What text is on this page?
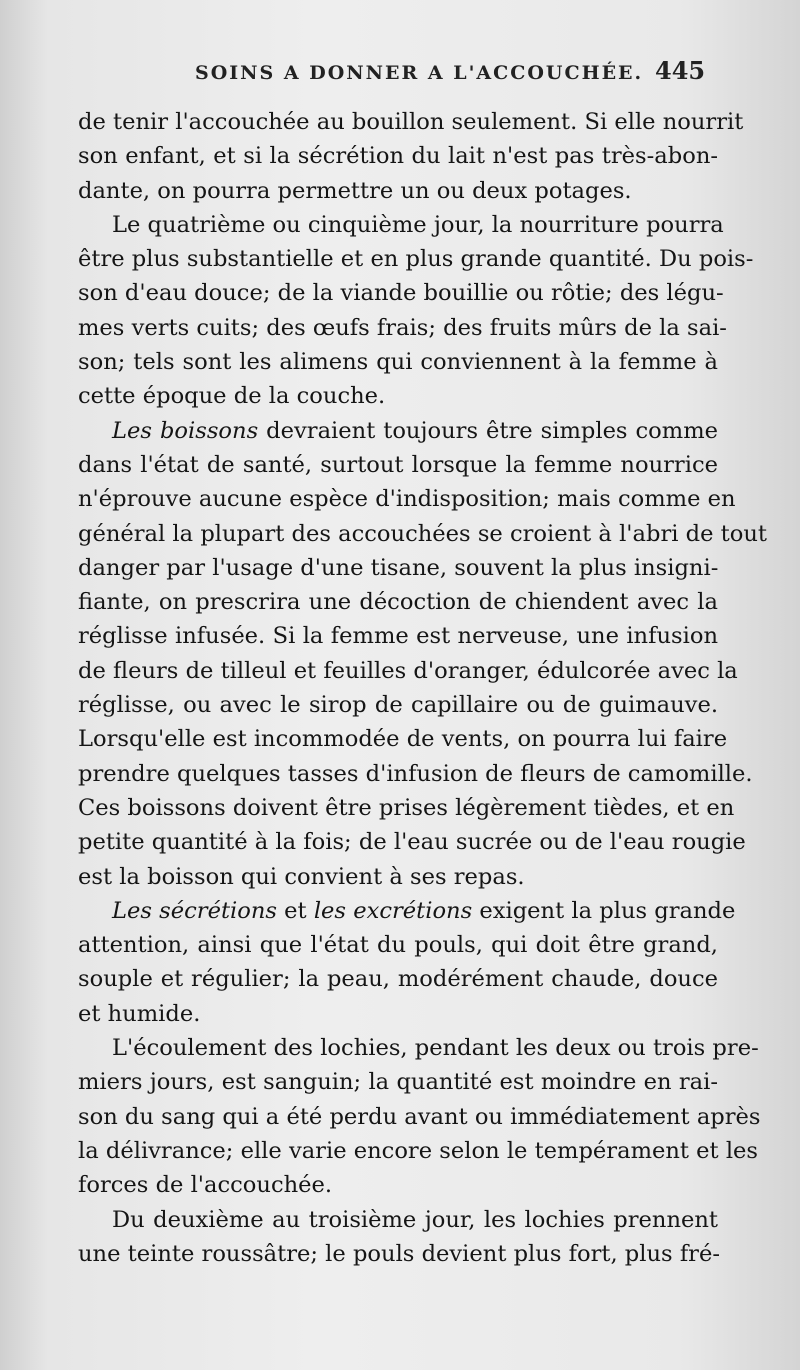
SOINS A DONNER A L'ACCOUCHÉE. 445
de tenir l'accouchée au bouillon seulement. Si elle nourrit
son enfant, et si la sécrétion du lait n'est pas très-abon-
dante, on pourra permettre un ou deux potages.
Le quatrième ou cinquième jour, la nourriture pourra
être plus substantielle et en plus grande quantité. Du pois-
son d'eau douce; de la viande bouillie ou rôtie; des légu-
mes verts cuits; des œufs frais; des fruits mûrs de la sai-
son; tels sont les alimens qui conviennent à la femme à
cette époque de la couche.
Les boissons devraient toujours être simples comme
dans l'état de santé, surtout lorsque la femme nourrice
n'éprouve aucune espèce d'indisposition; mais comme en
général la plupart des accouchées se croient à l'abri de tout
danger par l'usage d'une tisane, souvent la plus insigni-
fiante, on prescrira une décoction de chiendent avec la
réglisse infusée. Si la femme est nerveuse, une infusion
de fleurs de tilleul et feuilles d'oranger, édulcorée avec la
réglisse, ou avec le sirop de capillaire ou de guimauve.
Lorsqu'elle est incommodée de vents, on pourra lui faire
prendre quelques tasses d'infusion de fleurs de camomille.
Ces boissons doivent être prises légèrement tièdes, et en
petite quantité à la fois; de l'eau sucrée ou de l'eau rougie
est la boisson qui convient à ses repas.
Les sécrétions et les excrétions exigent la plus grande
attention, ainsi que l'état du pouls, qui doit être grand,
souple et régulier; la peau, modérément chaude, douce
et humide.
L'écoulement des lochies, pendant les deux ou trois pre-
miers jours, est sanguin; la quantité est moindre en rai-
son du sang qui a été perdu avant ou immédiatement après
la délivrance; elle varie encore selon le tempérament et les
forces de l'accouchée.
Du deuxième au troisième jour, les lochies prennent
une teinte roussâtre; le pouls devient plus fort, plus fré-
